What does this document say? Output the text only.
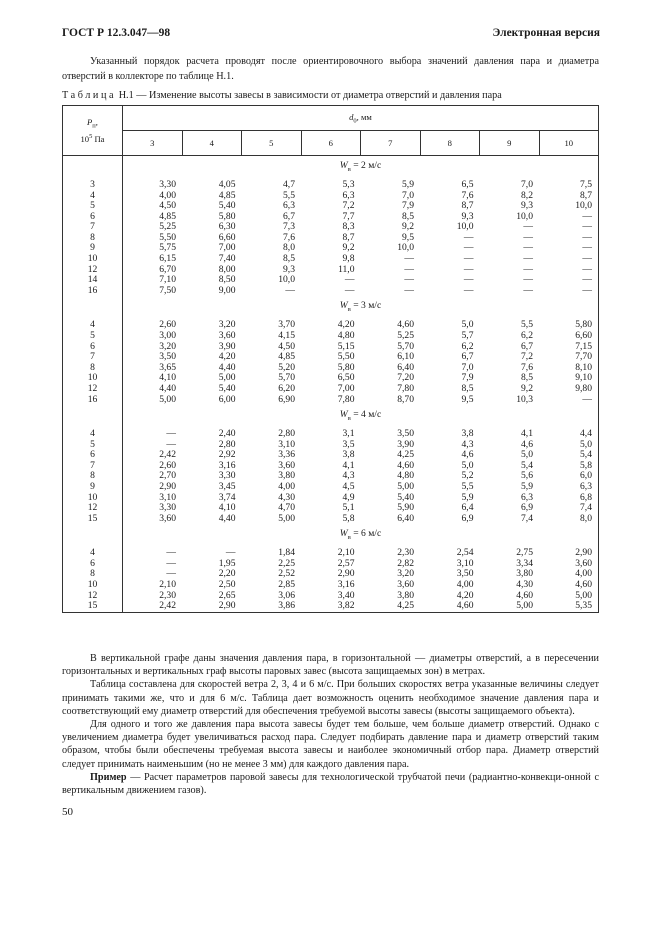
ГОСТ Р 12.3.047—98	Электронная версия

Указанный порядок расчета проводят после ориентировочного выбора значений давления пара и диаметра отверстий в коллекторе по таблице Н.1.

Таблица Н.1 — Изменение высоты завесы в зависимости от диаметра отверстий и давления пара
$P_п$,
$10^5$ Па	$d_0$, мм							
	3	4	5	6	7	8	9	10
	$W_в = 2$ м/с							
3	3,30	4,05	4,7	5,3	5,9	6,5	7,0	7,5
4	4,00	4,85	5,5	6,3	7,0	7,6	8,2	8,7
5	4,50	5,40	6,3	7,2	7,9	8,7	9,3	10,0
6	4,85	5,80	6,7	7,7	8,5	9,3	10,0	—
7	5,25	6,30	7,3	8,3	9,2	10,0	—	—
8	5,50	6,60	7,6	8,7	9,5	—	—	—
9	5,75	7,00	8,0	9,2	10,0	—	—	—
10	6,15	7,40	8,5	9,8	—	—	—	—
12	6,70	8,00	9,3	11,0	—	—	—	—
14	7,10	8,50	10,0	—	—	—	—	—
16	7,50	9,00	—	—	—	—	—	—
	$W_в = 3$ м/с							
4	2,60	3,20	3,70	4,20	4,60	5,0	5,5	5,80
5	3,00	3,60	4,15	4,80	5,25	5,7	6,2	6,60
6	3,20	3,90	4,50	5,15	5,70	6,2	6,7	7,15
7	3,50	4,20	4,85	5,50	6,10	6,7	7,2	7,70
8	3,65	4,40	5,20	5,80	6,40	7,0	7,6	8,10
10	4,10	5,00	5,70	6,50	7,20	7,9	8,5	9,10
12	4,40	5,40	6,20	7,00	7,80	8,5	9,2	9,80
16	5,00	6,00	6,90	7,80	8,70	9,5	10,3	—
	$W_в = 4$ м/с							
4	—	2,40	2,80	3,1	3,50	3,8	4,1	4,4
5	—	2,80	3,10	3,5	3,90	4,3	4,6	5,0
6	2,42	2,92	3,36	3,8	4,25	4,6	5,0	5,4
7	2,60	3,16	3,60	4,1	4,60	5,0	5,4	5,8
8	2,70	3,30	3,80	4,3	4,80	5,2	5,6	6,0
9	2,90	3,45	4,00	4,5	5,00	5,5	5,9	6,3
10	3,10	3,74	4,30	4,9	5,40	5,9	6,3	6,8
12	3,30	4,10	4,70	5,1	5,90	6,4	6,9	7,4
15	3,60	4,40	5,00	5,8	6,40	6,9	7,4	8,0
	$W_в = 6$ м/с							
4	—	—	1,84	2,10	2,30	2,54	2,75	2,90
6	—	1,95	2,25	2,57	2,82	3,10	3,34	3,60
8	—	2,20	2,52	2,90	3,20	3,50	3,80	4,00
10	2,10	2,50	2,85	3,16	3,60	4,00	4,30	4,60
12	2,30	2,65	3,06	3,40	3,80	4,20	4,60	5,00
15	2,42	2,90	3,86	3,82	4,25	4,60	5,00	5,35

В вертикальной графе даны значения давления пара, в горизонтальной — диаметры отверстий, а в пересечении горизонтальных и вертикальных граф высоты паровых завес (высота защищаемых зон) в метрах.

Таблица составлена для скоростей ветра 2, 3, 4 и 6 м/с. При больших скоростях ветра указанные величины следует принимать такими же, что и для 6 м/с. Таблица дает возможность оценить необходимое значение давления пара и соответствующий ему диаметр отверстий для обеспечения требуемой высоты завесы (высоты защищаемого объекта).

Для одного и того же давления пара высота завесы будет тем больше, чем больше диаметр отверстий. Однако с увеличением диаметра будет увеличиваться расход пара. Следует подбирать давление пара и диаметр отверстий таким образом, чтобы были обеспечены требуемая высота завесы и наиболее экономичный отбор пара. Диаметр отверстий следует принимать наименьшим (но не менее 3 мм) для каждого давления пара.

Пример — Расчет параметров паровой завесы для технологической трубчатой печи (радиантно-конвекци-онной с вертикальным движением газов).

50
